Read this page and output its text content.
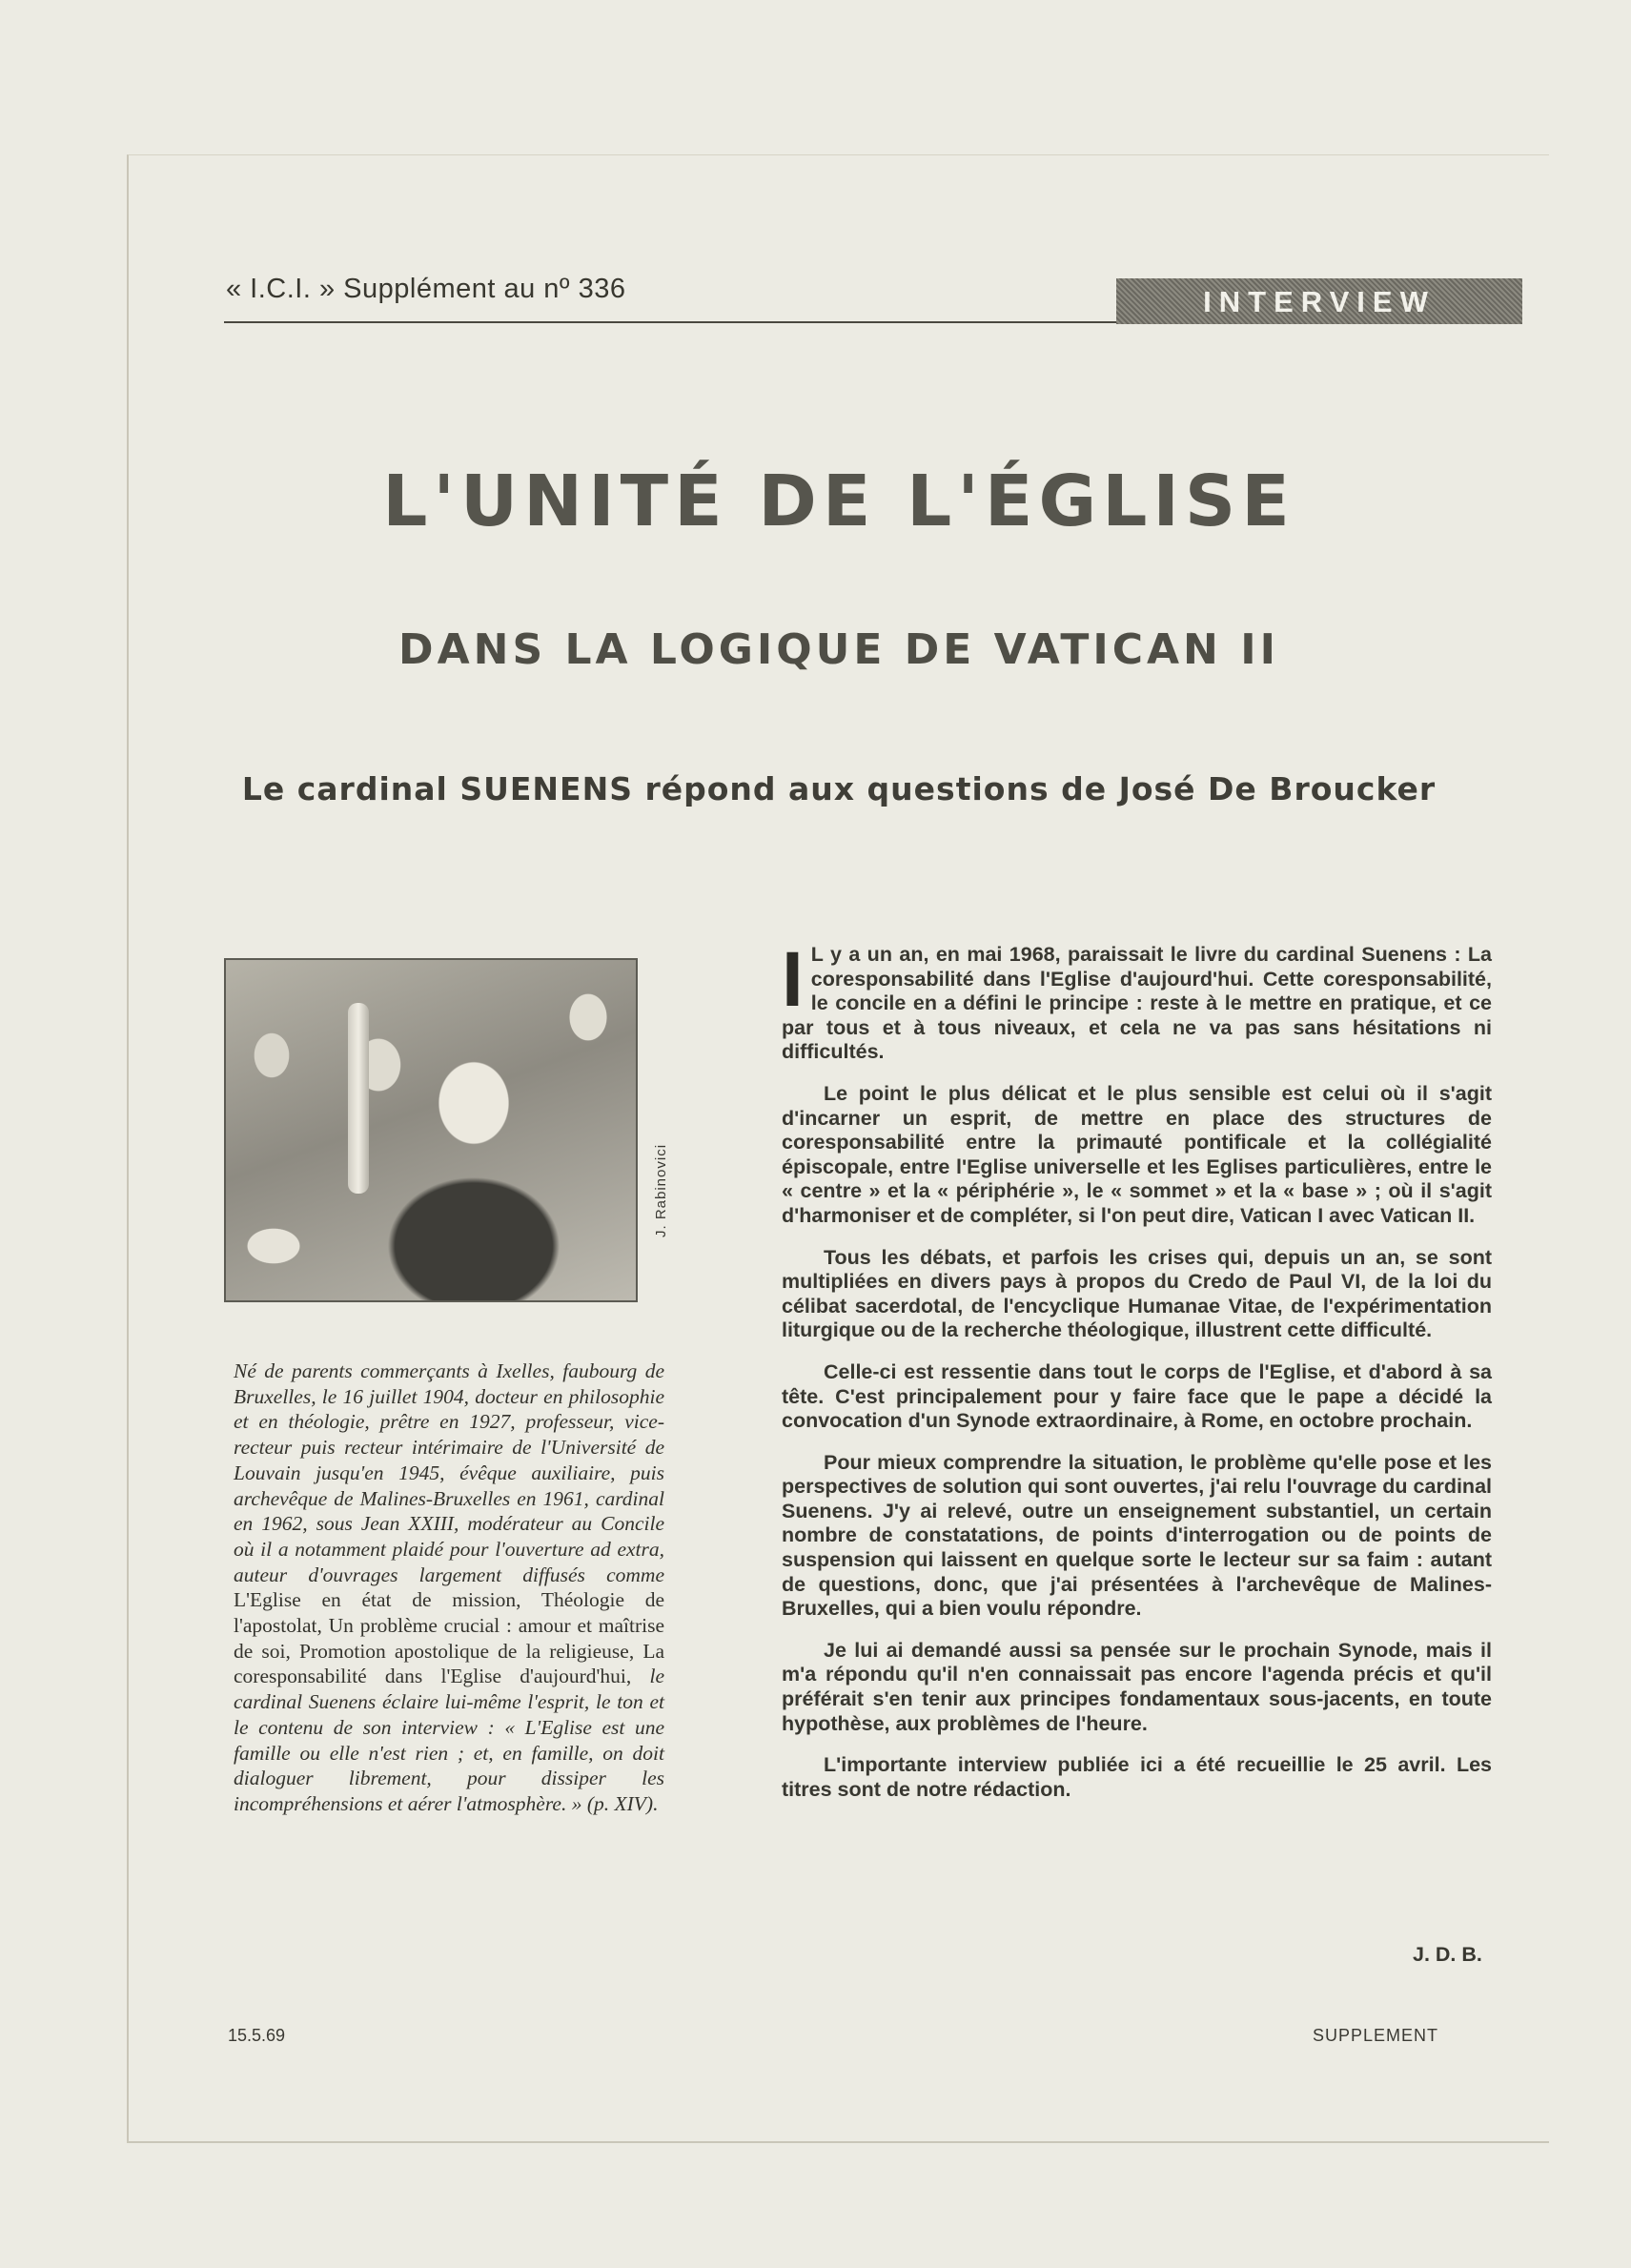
« I.C.I. » Supplément au nº 336	INTERVIEW
L'UNITÉ DE L'ÉGLISE
DANS LA LOGIQUE DE VATICAN II
Le cardinal SUENENS répond aux questions de José De Broucker
J. Rabinovici
Né de parents commerçants à Ixelles, faubourg de Bruxelles, le 16 juillet 1904, docteur en philosophie et en théologie, prêtre en 1927, professeur, vice-recteur puis recteur intérimaire de l'Université de Louvain jusqu'en 1945, évêque auxiliaire, puis archevêque de Malines-Bruxelles en 1961, cardinal en 1962, sous Jean XXIII, modérateur au Concile où il a notamment plaidé pour l'ouverture ad extra, auteur d'ouvrages largement diffusés comme L'Eglise en état de mission, Théologie de l'apostolat, Un problème crucial : amour et maîtrise de soi, Promotion apostolique de la religieuse, La coresponsabilité dans l'Eglise d'aujourd'hui, le cardinal Suenens éclaire lui-même l'esprit, le ton et le contenu de son interview : « L'Eglise est une famille ou elle n'est rien ; et, en famille, on doit dialoguer librement, pour dissiper les incompréhensions et aérer l'atmosphère. » (p. XIV).

I L y a un an, en mai 1968, paraissait le livre du cardinal Suenens : La coresponsabilité dans l'Eglise d'aujourd'hui. Cette coresponsabilité, le concile en a défini le principe : reste à le mettre en pratique, et ce par tous et à tous niveaux, et cela ne va pas sans hésitations ni difficultés.

Le point le plus délicat et le plus sensible est celui où il s'agit d'incarner un esprit, de mettre en place des structures de coresponsabilité entre la primauté pontificale et la collégialité épiscopale, entre l'Eglise universelle et les Eglises particulières, entre le « centre » et la « périphérie », le « sommet » et la « base » ; où il s'agit d'harmoniser et de compléter, si l'on peut dire, Vatican I avec Vatican II.

Tous les débats, et parfois les crises qui, depuis un an, se sont multipliées en divers pays à propos du Credo de Paul VI, de la loi du célibat sacerdotal, de l'encyclique Humanae Vitae, de l'expérimentation liturgique ou de la recherche théologique, illustrent cette difficulté.

Celle-ci est ressentie dans tout le corps de l'Eglise, et d'abord à sa tête. C'est principalement pour y faire face que le pape a décidé la convocation d'un Synode extraordinaire, à Rome, en octobre prochain.

Pour mieux comprendre la situation, le problème qu'elle pose et les perspectives de solution qui sont ouvertes, j'ai relu l'ouvrage du cardinal Suenens. J'y ai relevé, outre un enseignement substantiel, un certain nombre de constatations, de points d'interrogation ou de points de suspension qui laissent en quelque sorte le lecteur sur sa faim : autant de questions, donc, que j'ai présentées à l'archevêque de Malines-Bruxelles, qui a bien voulu répondre.

Je lui ai demandé aussi sa pensée sur le prochain Synode, mais il m'a répondu qu'il n'en connaissait pas encore l'agenda précis et qu'il préférait s'en tenir aux principes fondamentaux sous-jacents, en toute hypothèse, aux problèmes de l'heure.

L'importante interview publiée ici a été recueillie le 25 avril. Les titres sont de notre rédaction.

J. D. B.
15.5.69	SUPPLEMENT
